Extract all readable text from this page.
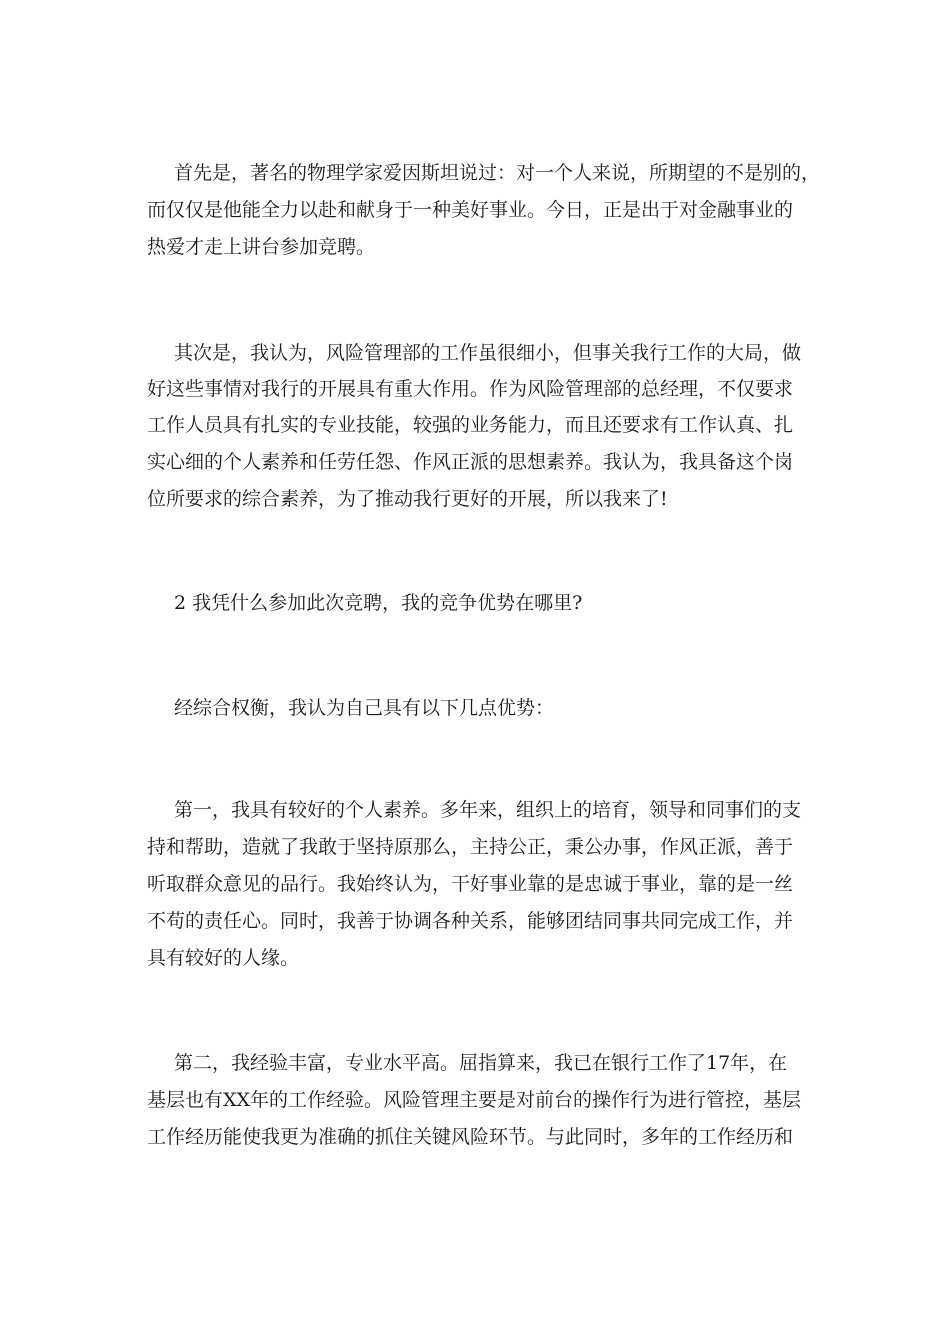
首先是，著名的物理学家爱因斯坦说过：对一个人来说，所期望的不是别的，
而仅仅是他能全力以赴和献身于一种美好事业。今日，正是出于对金融事业的
热爱才走上讲台参加竞聘。
其次是，我认为，风险管理部的工作虽很细小，但事关我行工作的大局，做
好这些事情对我行的开展具有重大作用。作为风险管理部的总经理，不仅要求
工作人员具有扎实的专业技能，较强的业务能力，而且还要求有工作认真、扎
实心细的个人素养和任劳任怨、作风正派的思想素养。我认为，我具备这个岗
位所要求的综合素养，为了推动我行更好的开展，所以我来了!
2 我凭什么参加此次竞聘，我的竞争优势在哪里?
经综合权衡，我认为自己具有以下几点优势：
第一，我具有较好的个人素养。多年来，组织上的培育，领导和同事们的支
持和帮助，造就了我敢于坚持原那么，主持公正，秉公办事，作风正派，善于
听取群众意见的品行。我始终认为，干好事业靠的是忠诚于事业，靠的是一丝
不苟的责任心。同时，我善于协调各种关系，能够团结同事共同完成工作，并
具有较好的人缘。
第二，我经验丰富，专业水平高。屈指算来，我已在银行工作了17年，在
基层也有XX年的工作经验。风险管理主要是对前台的操作行为进行管控，基层
工作经历能使我更为准确的抓住关键风险环节。与此同时，多年的工作经历和
